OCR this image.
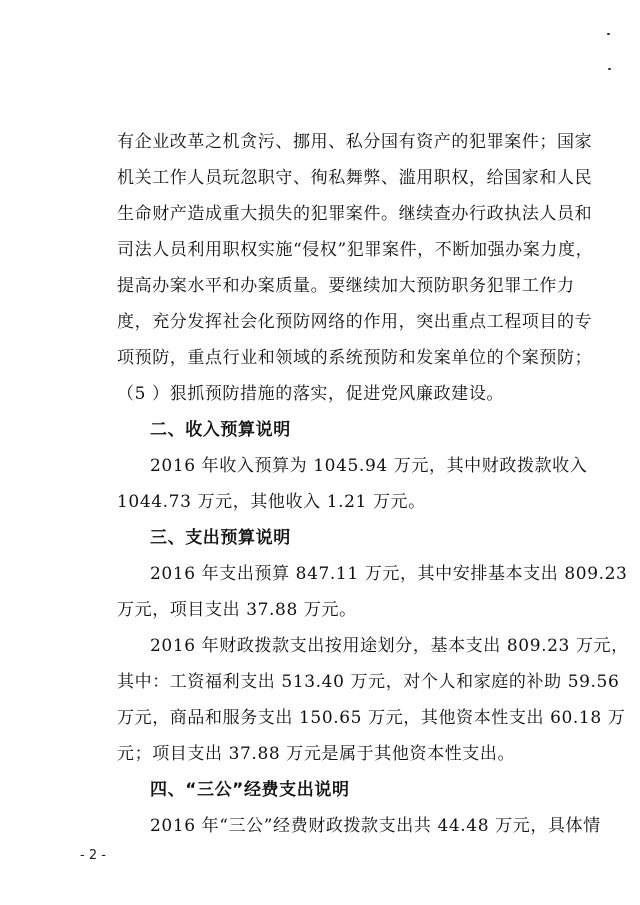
有企业改革之机贪污、挪用、私分国有资产的犯罪案件；国家
机关工作人员玩忽职守、徇私舞弊、滥用职权，给国家和人民
生命财产造成重大损失的犯罪案件。继续查办行政执法人员和
司法人员利用职权实施“侵权”犯罪案件，不断加强办案力度，
提高办案水平和办案质量。要继续加大预防职务犯罪工作力
度，充分发挥社会化预防网络的作用，突出重点工程项目的专
项预防，重点行业和领域的系统预防和发案单位的个案预防；
（5 ）狠抓预防措施的落实，促进党风廉政建设。
二、收入预算说明
2016 年收入预算为 1045.94 万元，其中财政拨款收入
1044.73 万元，其他收入 1.21 万元。
三、支出预算说明
2016 年支出预算 847.11 万元，其中安排基本支出 809.23
万元，项目支出 37.88 万元。
2016 年财政拨款支出按用途划分，基本支出 809.23 万元，
其中：工资福利支出 513.40 万元，对个人和家庭的补助 59.56
万元，商品和服务支出 150.65 万元，其他资本性支出 60.18 万
元；项目支出 37.88 万元是属于其他资本性支出。
四、“三公”经费支出说明
2016 年“三公”经费财政拨款支出共 44.48 万元，具体情
- 2 -
